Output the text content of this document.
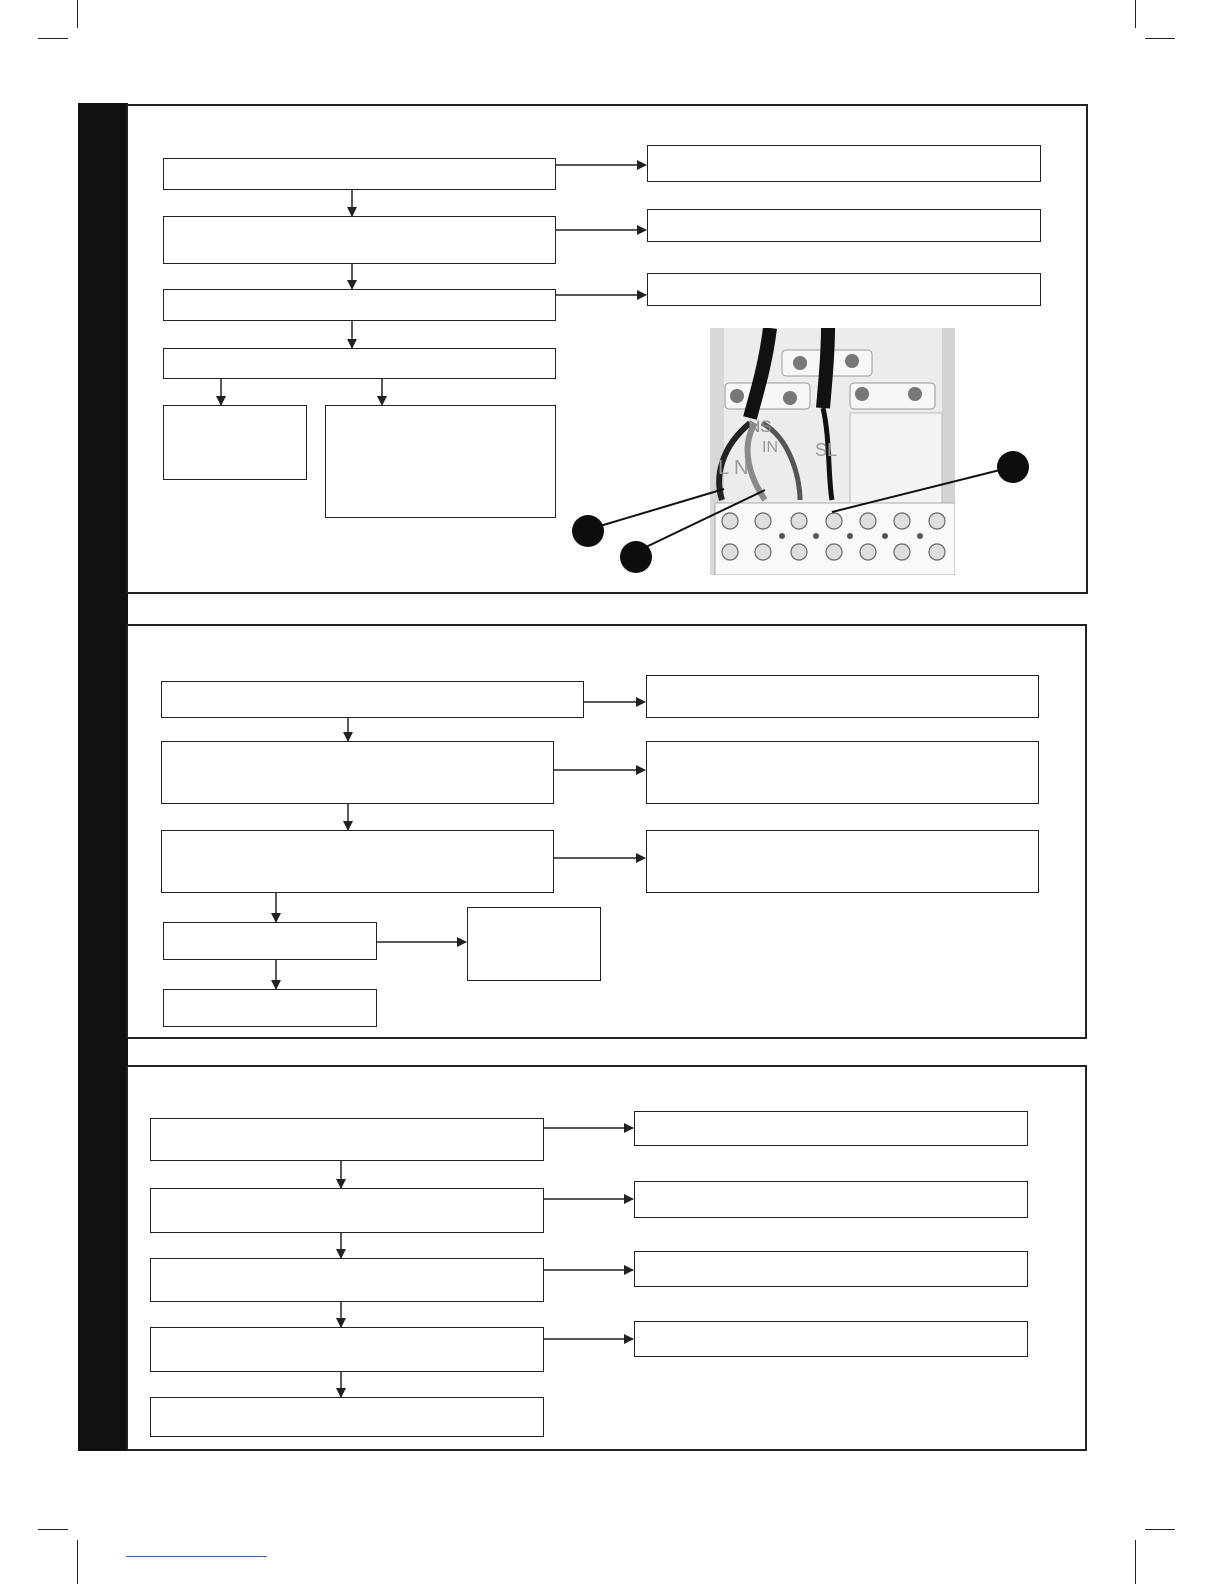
NS
IN
L N
SL
